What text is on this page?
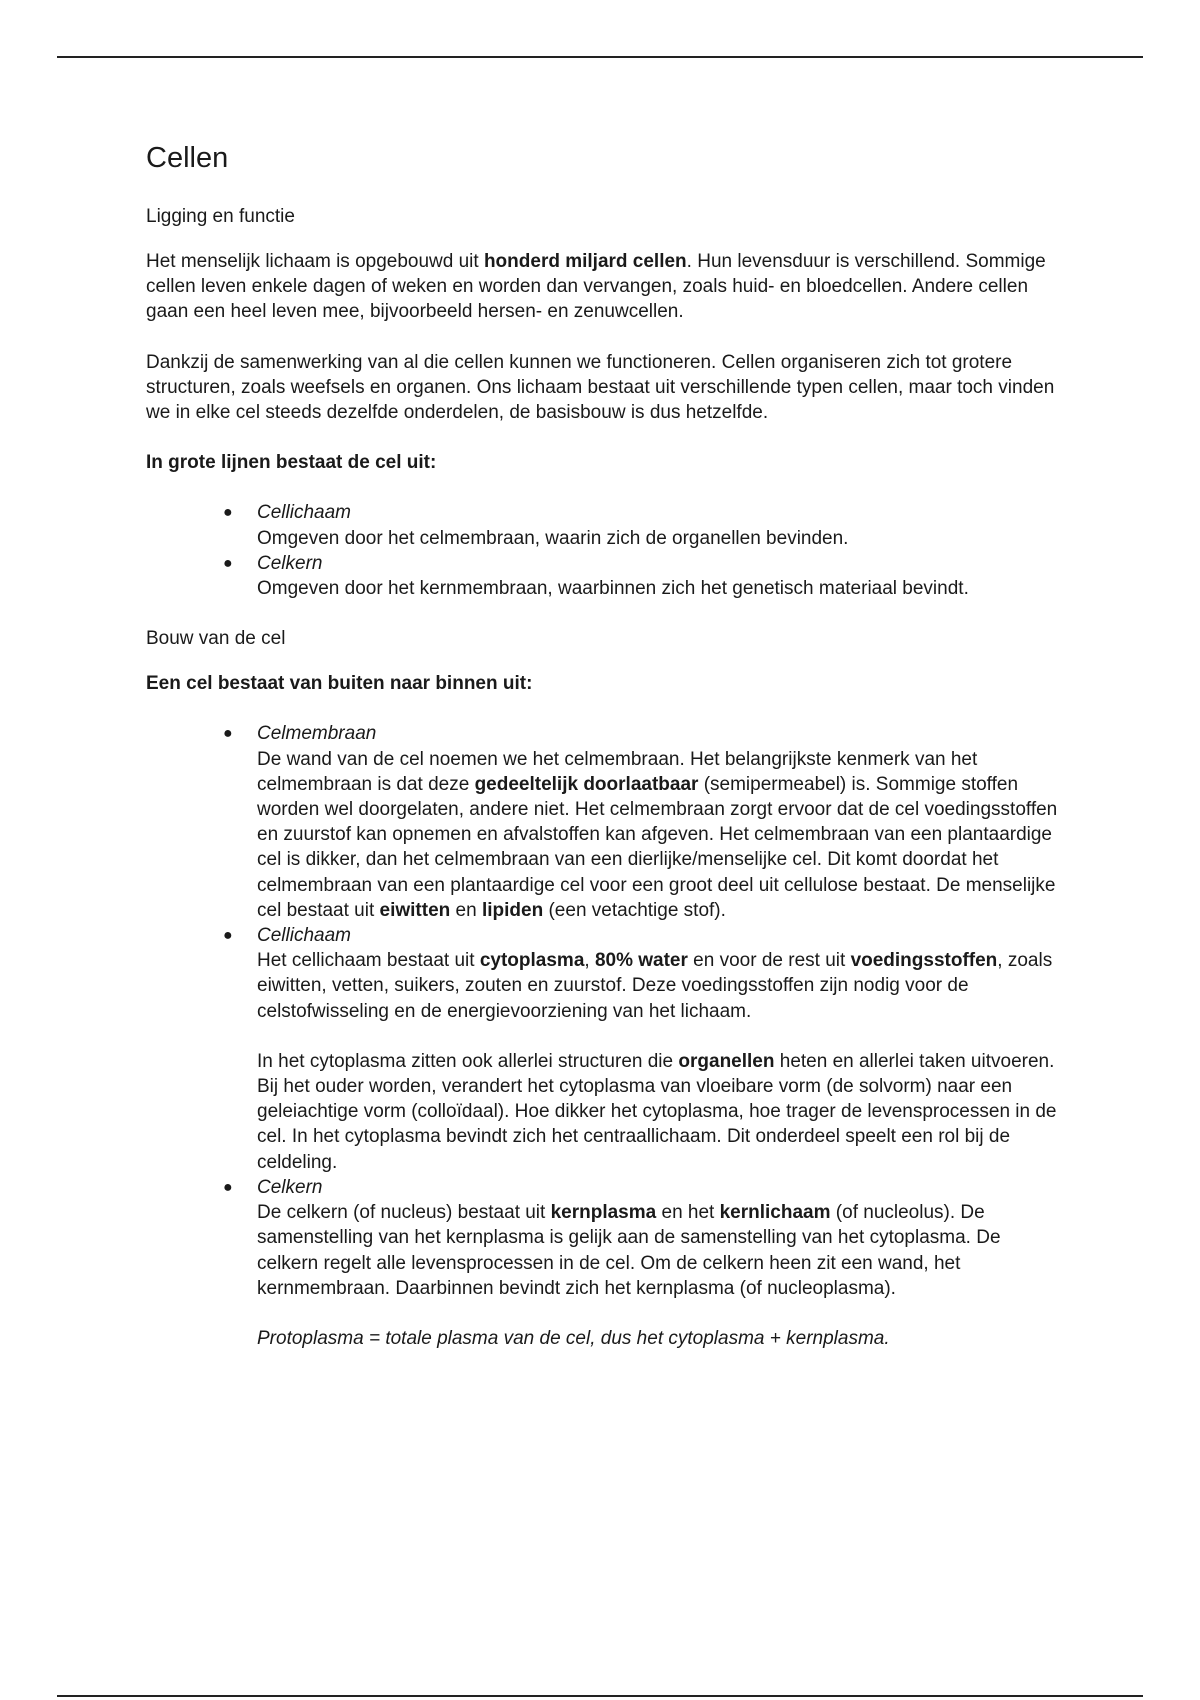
Cellen
Ligging en functie

Het menselijk lichaam is opgebouwd uit honderd miljard cellen. Hun levensduur is verschillend. Sommige cellen leven enkele dagen of weken en worden dan vervangen, zoals huid- en bloedcellen. Andere cellen gaan een heel leven mee, bijvoorbeeld hersen- en zenuwcellen.

Dankzij de samenwerking van al die cellen kunnen we functioneren. Cellen organiseren zich tot grotere structuren, zoals weefsels en organen. Ons lichaam bestaat uit verschillende typen cellen, maar toch vinden we in elke cel steeds dezelfde onderdelen, de basisbouw is dus hetzelfde.

In grote lijnen bestaat de cel uit:

● Cellichaam
Omgeven door het celmembraan, waarin zich de organellen bevinden.
● Celkern
Omgeven door het kernmembraan, waarbinnen zich het genetisch materiaal bevindt.
Bouw van de cel

Een cel bestaat van buiten naar binnen uit:

● Celmembraan
De wand van de cel noemen we het celmembraan. Het belangrijkste kenmerk van het celmembraan is dat deze gedeeltelijk doorlaatbaar (semipermeabel) is. Sommige stoffen worden wel doorgelaten, andere niet. Het celmembraan zorgt ervoor dat de cel voedingsstoffen en zuurstof kan opnemen en afvalstoffen kan afgeven. Het celmembraan van een plantaardige cel is dikker, dan het celmembraan van een dierlijke/menselijke cel. Dit komt doordat het celmembraan van een plantaardige cel voor een groot deel uit cellulose bestaat. De menselijke cel bestaat uit eiwitten en lipiden (een vetachtige stof).
● Cellichaam
Het cellichaam bestaat uit cytoplasma, 80% water en voor de rest uit voedingsstoffen, zoals eiwitten, vetten, suikers, zouten en zuurstof. Deze voedingsstoffen zijn nodig voor de celstofwisseling en de energievoorziening van het lichaam.
In het cytoplasma zitten ook allerlei structuren die organellen heten en allerlei taken uitvoeren. Bij het ouder worden, verandert het cytoplasma van vloeibare vorm (de solvorm) naar een geleiachtige vorm (colloïdaal). Hoe dikker het cytoplasma, hoe trager de levensprocessen in de cel. In het cytoplasma bevindt zich het centraallichaam. Dit onderdeel speelt een rol bij de celdeling.
● Celkern
De celkern (of nucleus) bestaat uit kernplasma en het kernlichaam (of nucleolus). De samenstelling van het kernplasma is gelijk aan de samenstelling van het cytoplasma. De celkern regelt alle levensprocessen in de cel. Om de celkern heen zit een wand, het kernmembraan. Daarbinnen bevindt zich het kernplasma (of nucleoplasma).
Protoplasma = totale plasma van de cel, dus het cytoplasma + kernplasma.
